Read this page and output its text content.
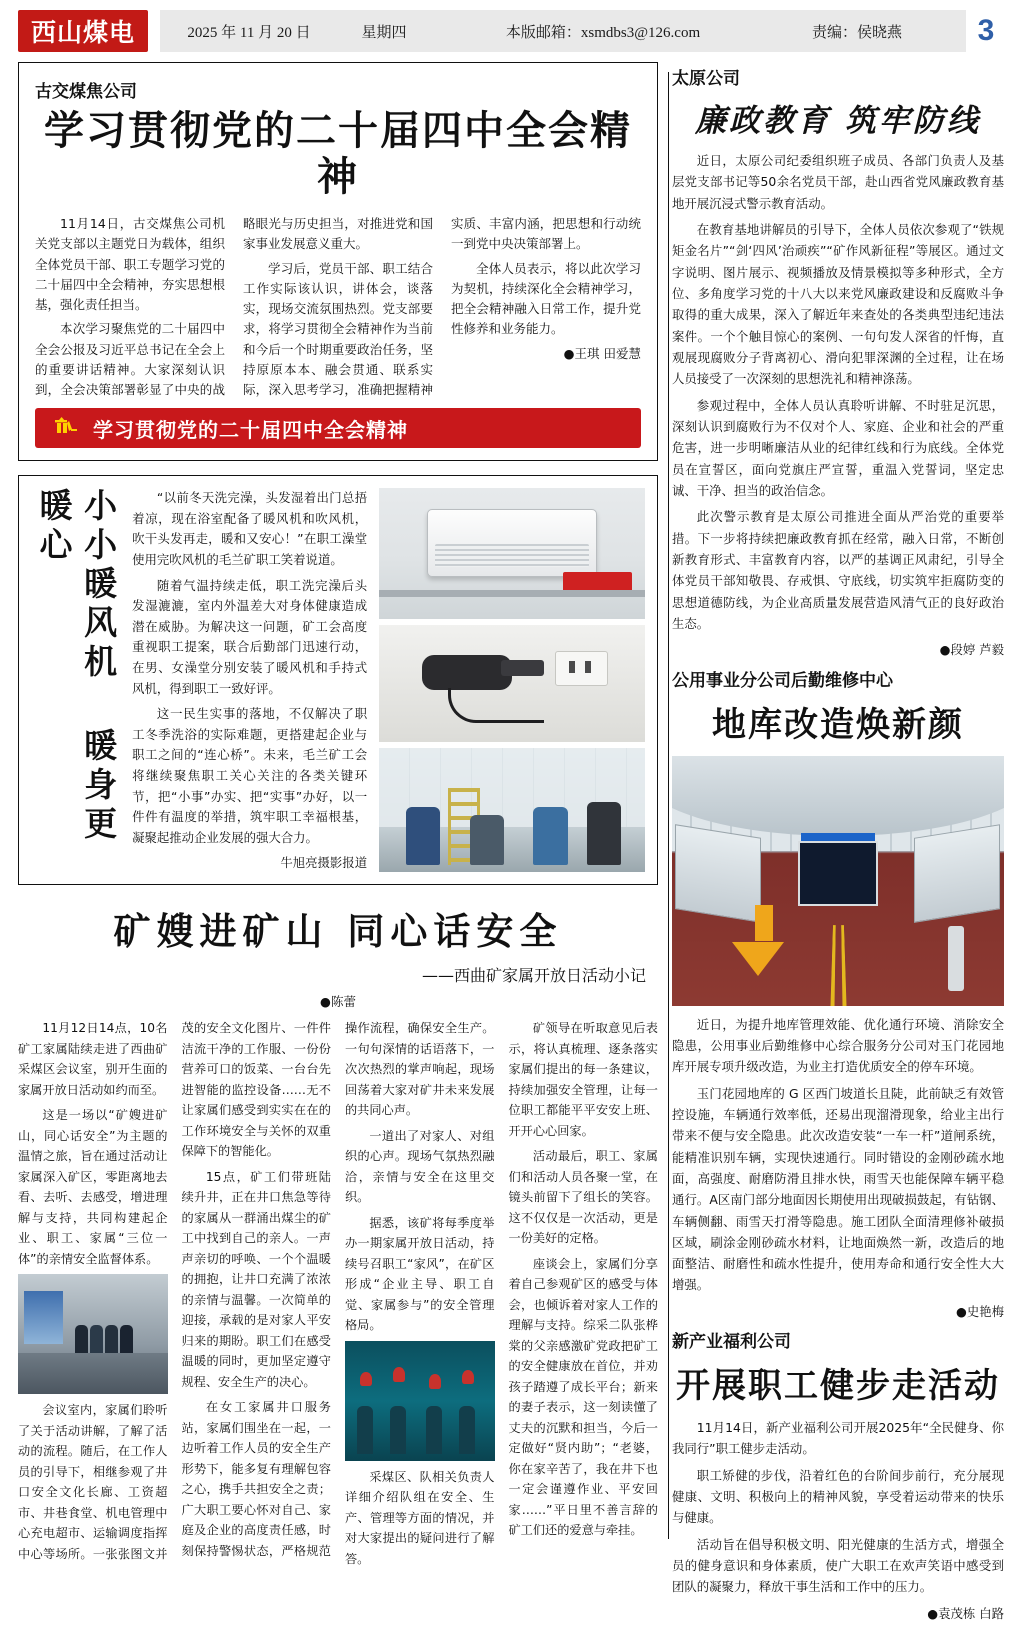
西山煤电	2025 年 11 月 20 日	星期四	本版邮箱：xsmdbs3@126.com	责编：侯晓燕	3
古交煤焦公司
学习贯彻党的二十届四中全会精神

11月14日，古交煤焦公司机关党支部以主题党日为载体，组织全体党员干部、职工专题学习党的二十届四中全会精神，夯实思想根基，强化责任担当。

本次学习聚焦党的二十届四中全会公报及习近平总书记在全会上的重要讲话精神。大家深刻认识到，全会决策部署彰显了中央的战略眼光与历史担当，对推进党和国家事业发展意义重大。

学习后，党员干部、职工结合工作实际该认识，讲体会，谈落实，现场交流氛围热烈。党支部要求，将学习贯彻全会精神作为当前和今后一个时期重要政治任务，坚持原原本本、融会贯通、联系实际，深入思考学习，准确把握精神实质、丰富内涵，把思想和行动统一到党中央决策部署上。

全体人员表示，将以此次学习为契机，持续深化全会精神学习，把全会精神融入日常工作，提升党性修养和业务能力。

●王琪 田爱慧

学习贯彻党的二十届四中全会精神
小小暖风机 暖身更暖心	“以前冬天洗完澡，头发湿着出门总捂着凉，现在浴室配备了暖风机和吹风机，吹干头发再走，暖和又安心！”在职工澡堂使用完吹风机的毛兰矿职工笑着说道。

随着气温持续走低，职工洗完澡后头发湿漉漉，室内外温差大对身体健康造成潜在威胁。为解决这一问题，矿工会高度重视职工提案，联合后勤部门迅速行动，在男、女澡堂分别安装了暖风机和手持式风机，得到职工一致好评。

这一民生实事的落地，不仅解决了职工冬季洗浴的实际难题，更搭建起企业与职工之间的“连心桥”。未来，毛兰矿工会将继续聚焦职工关心关注的各类关键环节，把“小事”办实、把“实事”办好，以一件件有温度的举措，筑牢职工幸福根基，凝聚起推动企业发展的强大合力。

牛旭亮摄影报道

矿嫂进矿山 同心话安全
——西曲矿家属开放日活动小记
●陈蕾

11月12日14点，10名矿工家属陆续走进了西曲矿采煤区会议室，别开生面的家属开放日活动如约而至。

这是一场以“矿嫂进矿山，同心话安全”为主题的温情之旅，旨在通过活动让家属深入矿区，零距离地去看、去听、去感受，增进理解与支持，共同构建起企业、职工、家属“三位一体”的亲情安全监督体系。

会议室内，家属们聆听了关于活动讲解，了解了活动的流程。随后，在工作人员的引导下，相继参观了井口安全文化长廊、工资超市、井巷食堂、机电管理中心充电超市、运输调度指挥中心等场所。一张张图文并茂的安全文化图片、一件件洁流干净的工作服、一份份营养可口的饭菜、一台台先进智能的监控设备……无不让家属们感受到实实在在的工作环境安全与关怀的双重保障下的智能化。

15点，矿工们带班陆续升井，正在井口焦急等待的家属从一群涌出煤尘的矿工中找到自己的亲人。一声声亲切的呼唤、一个个温暖的拥抱，让井口充满了浓浓的亲情与温馨。一次简单的迎接，承载的是对家人平安归来的期盼。职工们在感受温暖的同时，更加坚定遵守规程、安全生产的决心。

在女工家属井口服务站，家属们围坐在一起，一边听着工作人员的安全生产形势下，能多复有理解包容之心，携手共担安全之责；广大职工要心怀对自己、家庭及企业的高度责任感，时刻保持警惕状态，严格规范操作流程，确保安全生产。一句句深情的话语落下，一次次热烈的掌声响起，现场回荡着大家对矿井未来发展的共同心声。

一道出了对家人、对组织的心声。现场气氛热烈融洽，亲情与安全在这里交织。

据悉，该矿将每季度举办一期家属开放日活动，持续号召职工“家风”，在矿区形成“企业主导、职工自觉、家属参与”的安全管理格局。

采煤区、队相关负责人详细介绍队组在安全、生产、管理等方面的情况，并对大家提出的疑问进行了解答。

矿领导在听取意见后表示，将认真梳理、逐条落实家属们提出的每一条建议，持续加强安全管理，让每一位职工都能平平安安上班、开开心心回家。

活动最后，职工、家属们和活动人员各聚一堂，在镜头前留下了组长的笑容。这不仅仅是一次活动，更是一份美好的定格。

座谈会上，家属们分享着自己参观矿区的感受与体会，也倾诉着对家人工作的理解与支持。综采二队张桦棠的父亲感激矿党政把矿工的安全健康放在首位，并劝孩子踏遵了成长平台；新来的妻子表示，这一刻读懂了丈夫的沉默和担当，今后一定做好“贤内助”；“老婆，你在家辛苦了，我在井下也一定会谨遵作业、平安回家……”平日里不善言辞的矿工们还的爱意与牵挂。

太原公司
廉政教育 筑牢防线

近日，太原公司纪委组织班子成员、各部门负责人及基层党支部书记等50余名党员干部，赴山西省党风廉政教育基地开展沉浸式警示教育活动。

在教育基地讲解员的引导下，全体人员依次参观了“铁规矩金名片”“剑‘四风’治顽疾”“矿作风新征程”等展区。通过文字说明、图片展示、视频播放及情景模拟等多种形式，全方位、多角度学习党的十八大以来党风廉政建设和反腐败斗争取得的重大成果，深入了解近年来查处的各类典型违纪违法案件。一个个触目惊心的案例、一句句发人深省的忏悔，直观展现腐败分子背离初心、滑向犯罪深渊的全过程，让在场人员接受了一次深刻的思想洗礼和精神涤荡。

参观过程中，全体人员认真聆听讲解、不时驻足沉思，深刻认识到腐败行为不仅对个人、家庭、企业和社会的严重危害，进一步明晰廉洁从业的纪律红线和行为底线。全体党员在宣誓区，面向党旗庄严宣誓，重温入党誓词，坚定忠诚、干净、担当的政治信念。

此次警示教育是太原公司推进全面从严治党的重要举措。下一步将持续把廉政教育抓在经常，融入日常，不断创新教育形式、丰富教育内容，以严的基调正风肃纪，引导全体党员干部知敬畏、存戒惧、守底线，切实筑牢拒腐防变的思想道德防线，为企业高质量发展营造风清气正的良好政治生态。

●段婷 芦毅

公用事业分公司后勤维修中心
地库改造焕新颜

近日，为提升地库管理效能、优化通行环境、消除安全隐患，公用事业后勤维修中心综合服务分公司对玉门花园地库开展专项升级改造，为业主打造优质安全的停车环境。

玉门花园地库的 G 区西门坡道长且陡，此前缺乏有效管控设施，车辆通行效率低，还易出现溜滑现象，给业主出行带来不便与安全隐患。此次改造安装“一车一杆”道闸系统，能精准识别车辆，实现快速通行。同时错设的金刚砂疏水地面，高强度、耐磨防滑且排水快，雨雪天也能保障车辆平稳通行。A区南门部分地面因长期使用出现破损鼓起，有钻钢、车辆侧翻、雨雪天打滑等隐患。施工团队全面清理修补破损区域，刷涂金刚砂疏水材料，让地面焕然一新，改造后的地面整洁、耐磨性和疏水性提升，使用寿命和通行安全性大大增强。

●史艳梅

新产业福利公司
开展职工健步走活动

11月14日，新产业福利公司开展2025年“全民健身、你我同行”职工健步走活动。

职工矫健的步伐，沿着红色的台阶间步前行，充分展现健康、文明、积极向上的精神风貌，享受着运动带来的快乐与健康。

活动旨在倡导积极文明、阳光健康的生活方式，增强全员的健身意识和身体素质，使广大职工在欢声笑语中感受到团队的凝聚力，释放干事生活和工作中的压力。

●袁茂栋 白路
